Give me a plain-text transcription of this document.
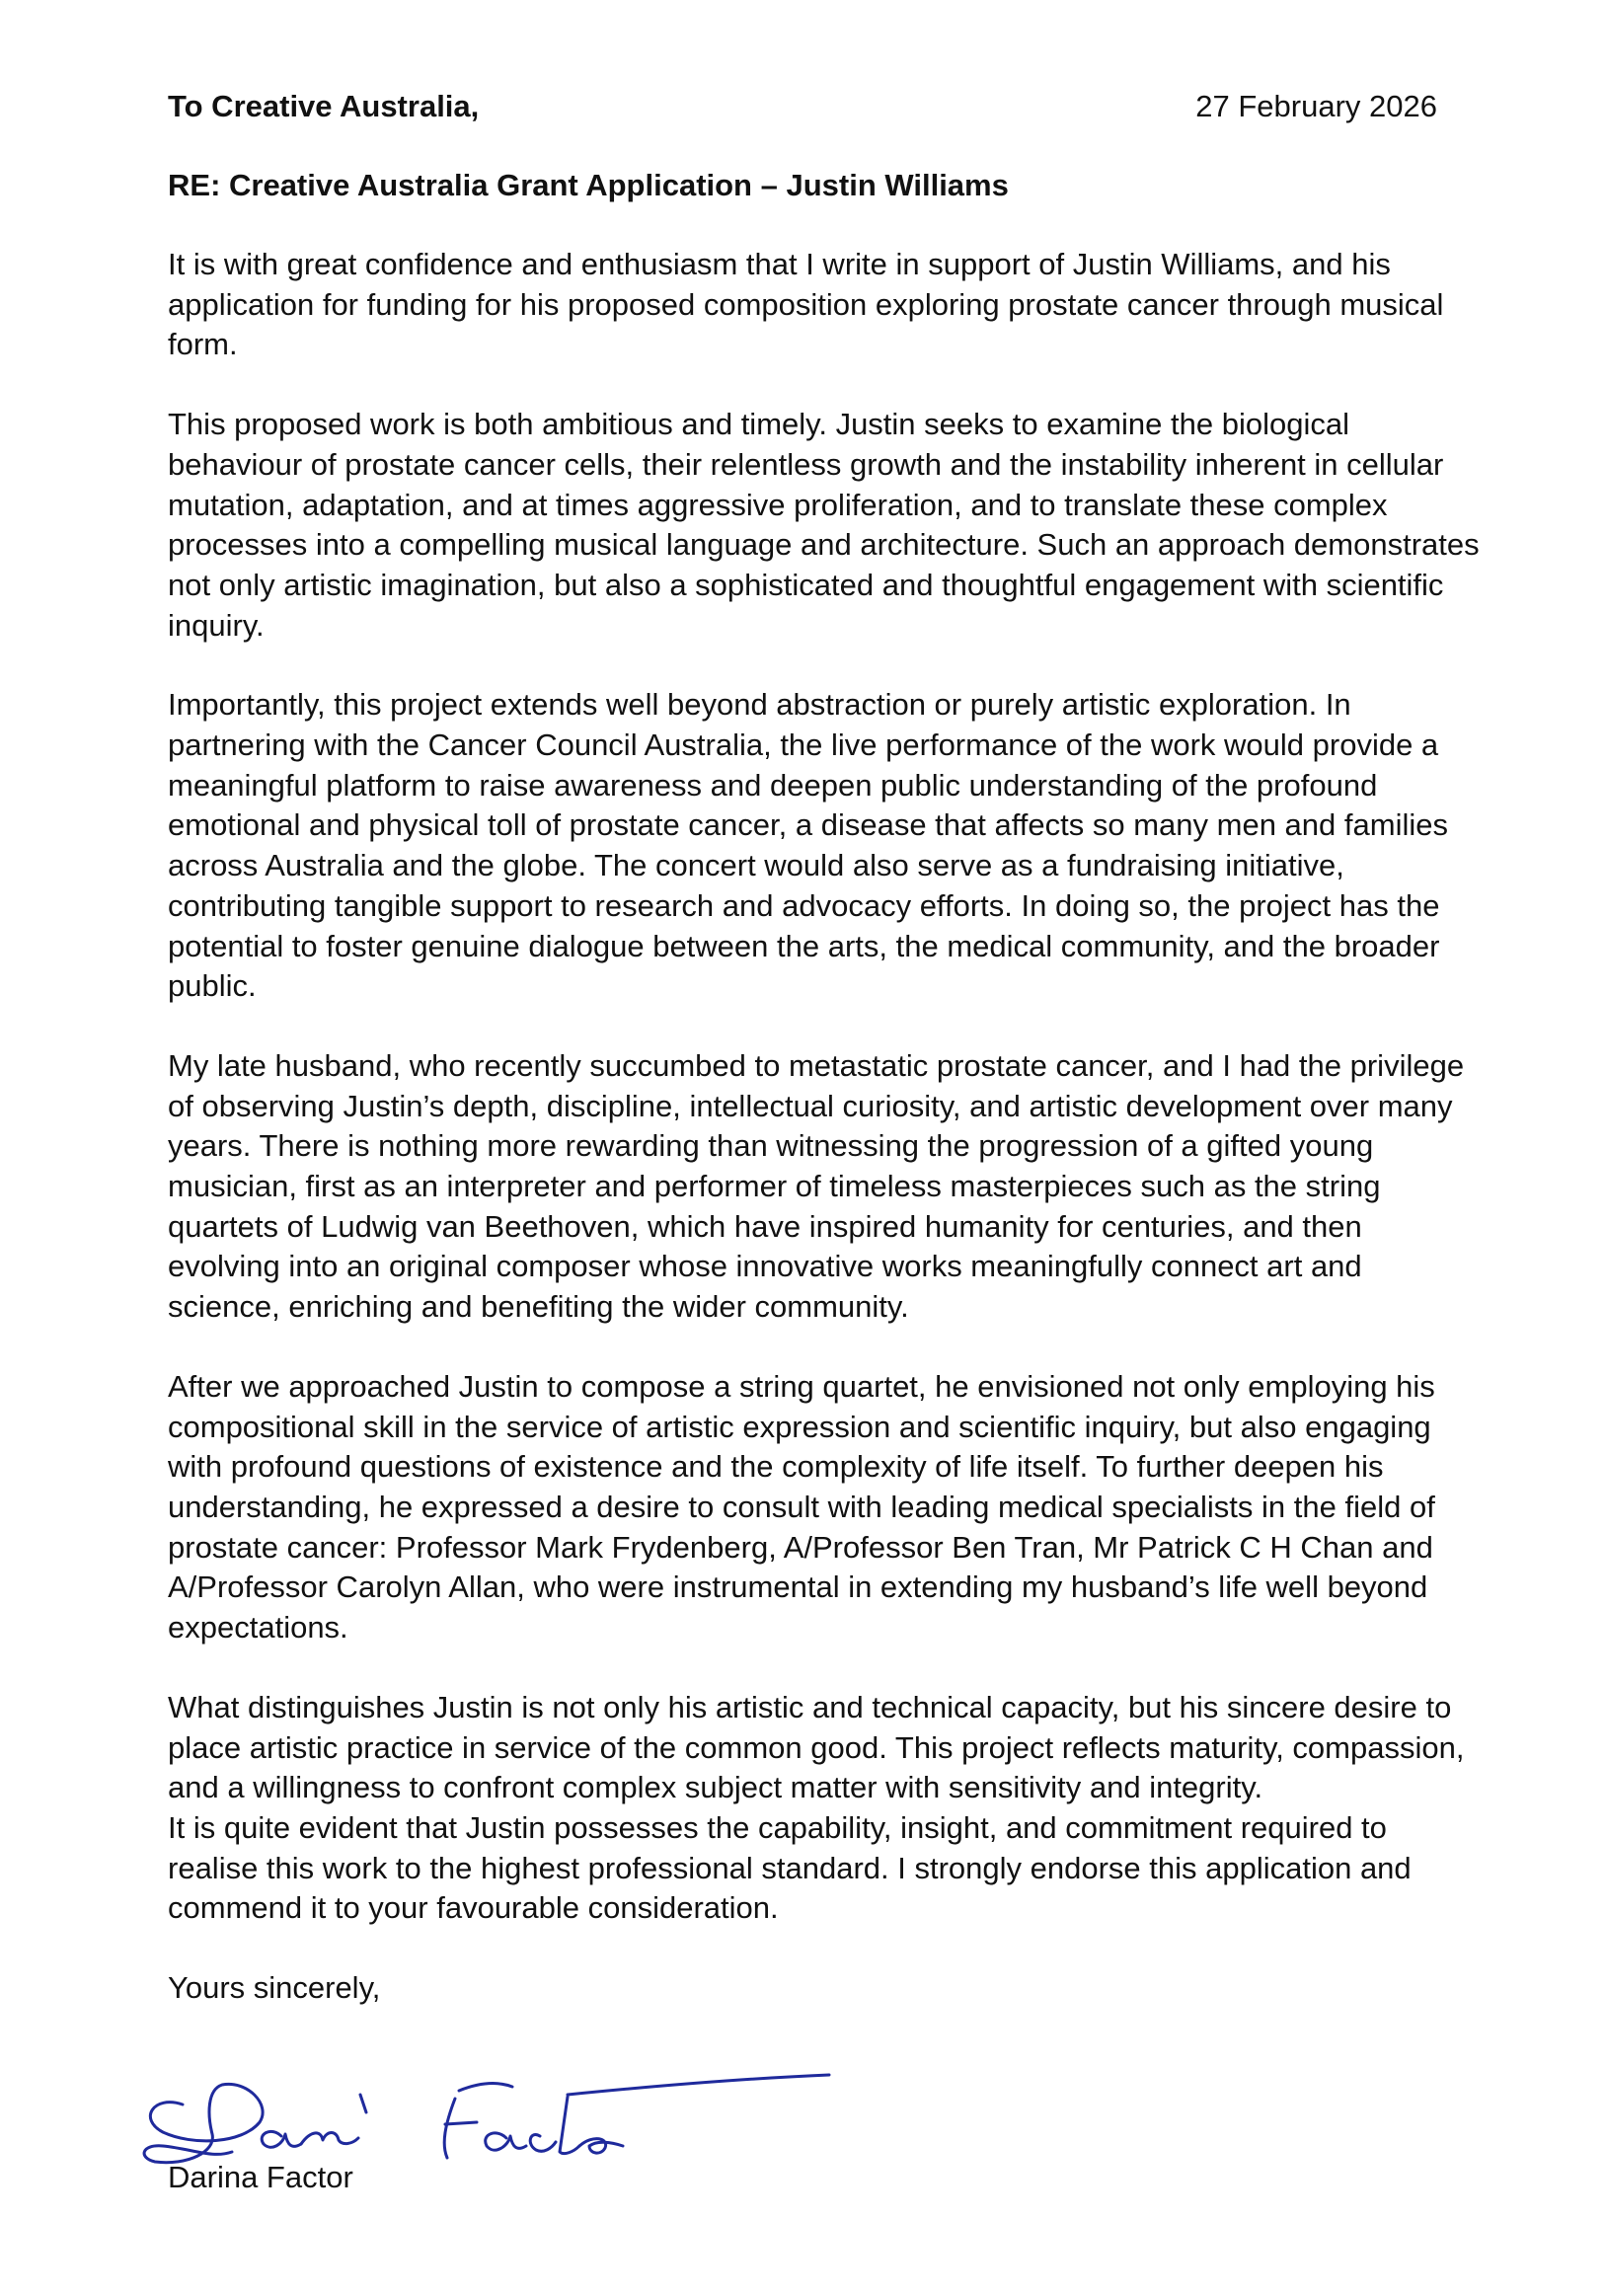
To Creative Australia,	27 February 2026
RE: Creative Australia Grant Application – Justin Williams

It is with great confidence and enthusiasm that I write in support of Justin Williams, and his application for funding for his proposed composition exploring prostate cancer through musical form.

This proposed work is both ambitious and timely. Justin seeks to examine the biological behaviour of prostate cancer cells, their relentless growth and the instability inherent in cellular mutation, adaptation, and at times aggressive proliferation, and to translate these complex processes into a compelling musical language and architecture. Such an approach demonstrates not only artistic imagination, but also a sophisticated and thoughtful engagement with scientific inquiry.

Importantly, this project extends well beyond abstraction or purely artistic exploration. In partnering with the Cancer Council Australia, the live performance of the work would provide a meaningful platform to raise awareness and deepen public understanding of the profound emotional and physical toll of prostate cancer, a disease that affects so many men and families across Australia and the globe. The concert would also serve as a fundraising initiative, contributing tangible support to research and advocacy efforts. In doing so, the project has the potential to foster genuine dialogue between the arts, the medical community, and the broader public.

My late husband, who recently succumbed to metastatic prostate cancer, and I had the privilege of observing Justin’s depth, discipline, intellectual curiosity, and artistic development over many years. There is nothing more rewarding than witnessing the progression of a gifted young musician, first as an interpreter and performer of timeless masterpieces such as the string quartets of Ludwig van Beethoven, which have inspired humanity for centuries, and then evolving into an original composer whose innovative works meaningfully connect art and science, enriching and benefiting the wider community.

After we approached Justin to compose a string quartet, he envisioned not only employing his compositional skill in the service of artistic expression and scientific inquiry, but also engaging with profound questions of existence and the complexity of life itself. To further deepen his understanding, he expressed a desire to consult with leading medical specialists in the field of prostate cancer: Professor Mark Frydenberg, A/Professor Ben Tran, Mr Patrick C H Chan and A/Professor Carolyn Allan, who were instrumental in extending my husband’s life well beyond expectations.

What distinguishes Justin is not only his artistic and technical capacity, but his sincere desire to place artistic practice in service of the common good. This project reflects maturity, compassion, and a willingness to confront complex subject matter with sensitivity and integrity.

It is quite evident that Justin possesses the capability, insight, and commitment required to realise this work to the highest professional standard. I strongly endorse this application and commend it to your favourable consideration.

Yours sincerely,
Darina Factor
